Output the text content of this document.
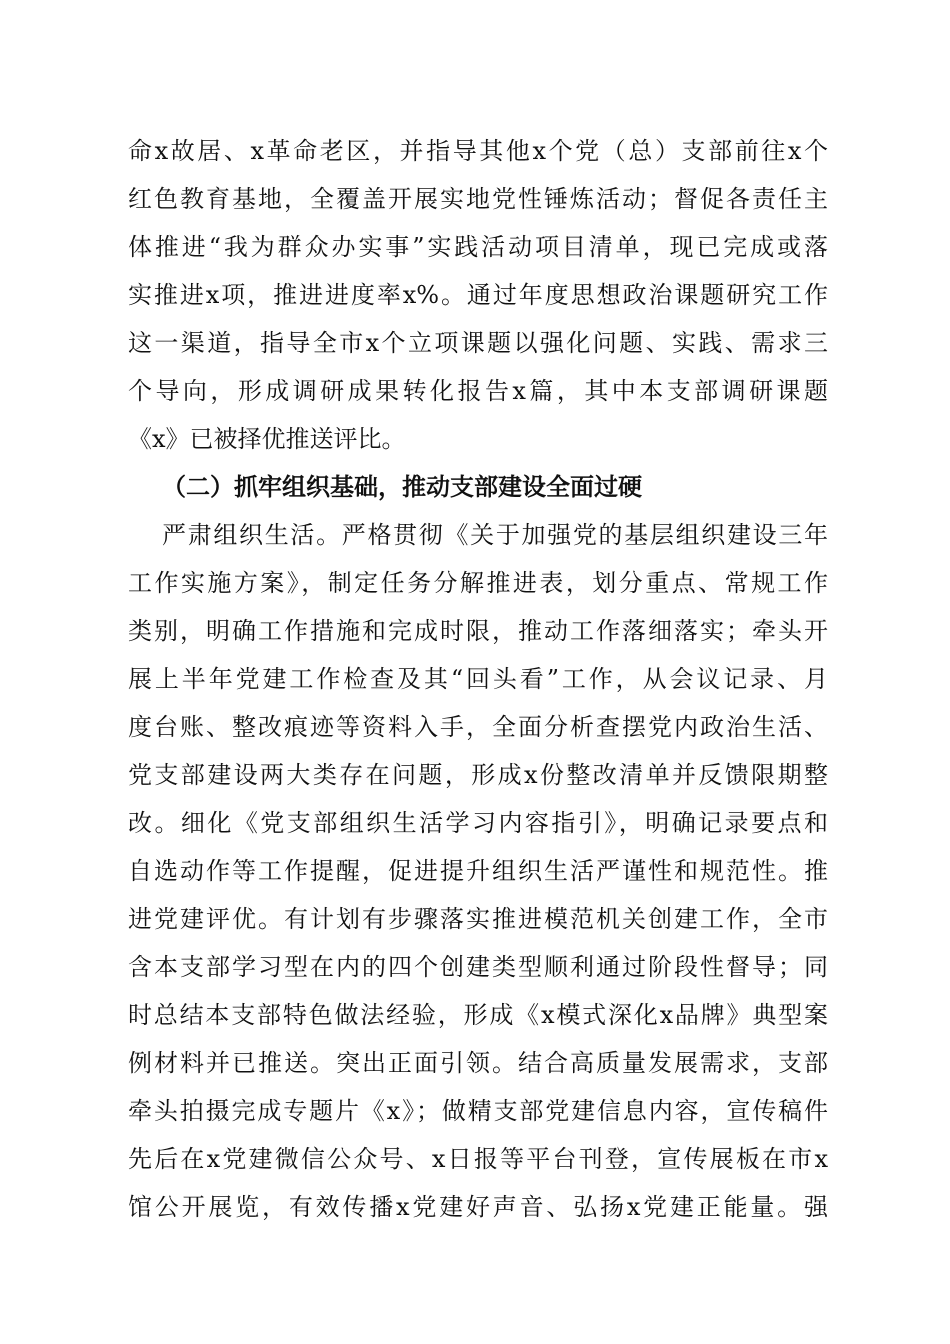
命x故居、x革命老区，并指导其他x个党（总）支部前往x个
红色教育基地，全覆盖开展实地党性锤炼活动；督促各责任主
体推进“我为群众办实事”实践活动项目清单，现已完成或落
实推进x项，推进进度率x%。通过年度思想政治课题研究工作
这一渠道，指导全市x个立项课题以强化问题、实践、需求三
个导向，形成调研成果转化报告x篇，其中本支部调研课题
《x》已被择优推送评比。
（二）抓牢组织基础，推动支部建设全面过硬
严肃组织生活。严格贯彻《关于加强党的基层组织建设三年
工作实施方案》，制定任务分解推进表，划分重点、常规工作
类别，明确工作措施和完成时限，推动工作落细落实；牵头开
展上半年党建工作检查及其“回头看”工作，从会议记录、月
度台账、整改痕迹等资料入手，全面分析查摆党内政治生活、
党支部建设两大类存在问题，形成x份整改清单并反馈限期整
改。细化《党支部组织生活学习内容指引》，明确记录要点和
自选动作等工作提醒，促进提升组织生活严谨性和规范性。推
进党建评优。有计划有步骤落实推进模范机关创建工作，全市
含本支部学习型在内的四个创建类型顺利通过阶段性督导；同
时总结本支部特色做法经验，形成《x模式深化x品牌》典型案
例材料并已推送。突出正面引领。结合高质量发展需求，支部
牵头拍摄完成专题片《x》；做精支部党建信息内容，宣传稿件
先后在x党建微信公众号、x日报等平台刊登，宣传展板在市x
馆公开展览，有效传播x党建好声音、弘扬x党建正能量。强
